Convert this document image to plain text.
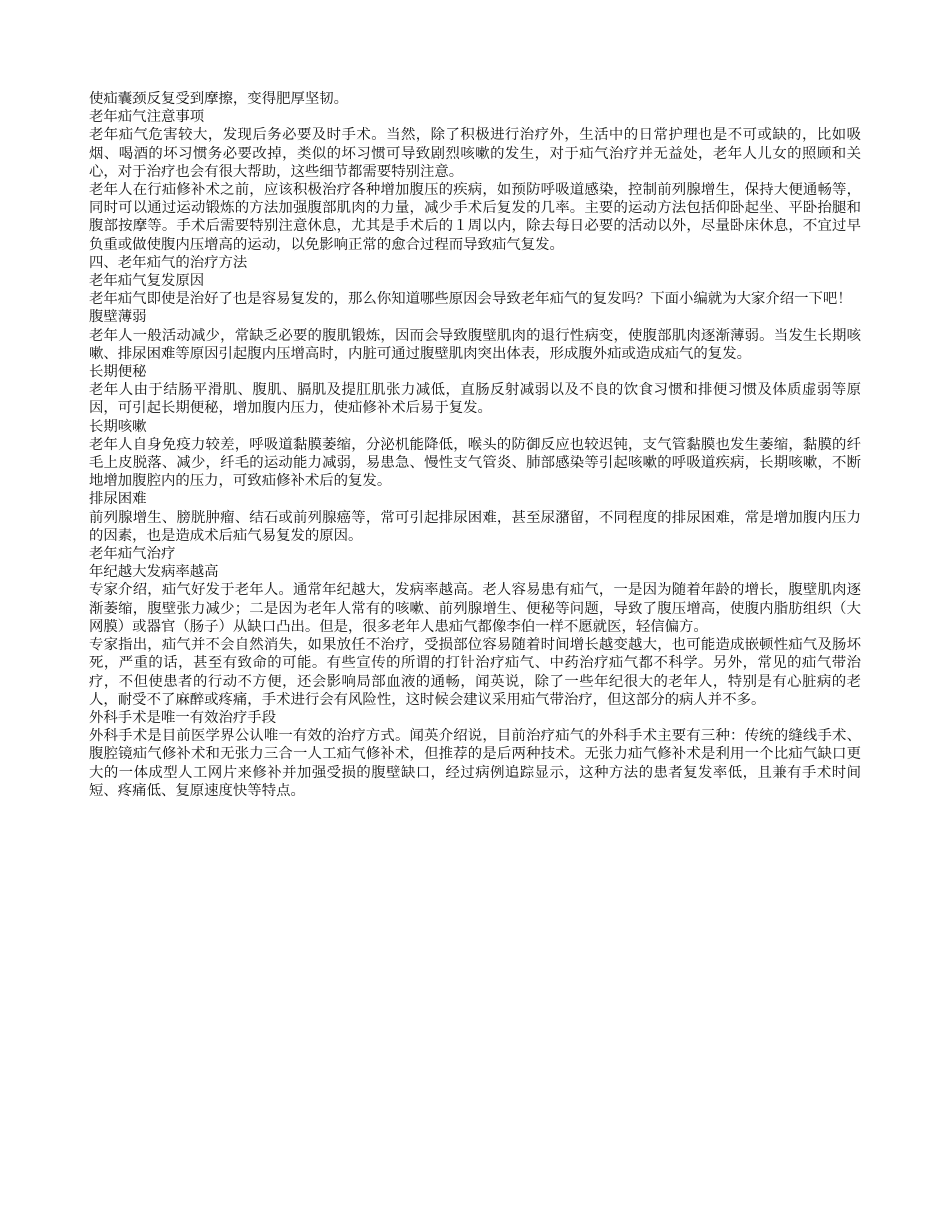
使疝囊颈反复受到摩擦，变得肥厚坚韧。

老年疝气注意事项

老年疝气危害较大，发现后务必要及时手术。当然，除了积极进行治疗外，生活中的日常护理也是不可或缺的，比如吸烟、喝酒的坏习惯务必要改掉，类似的坏习惯可导致剧烈咳嗽的发生，对于疝气治疗并无益处，老年人儿女的照顾和关心，对于治疗也会有很大帮助，这些细节都需要特别注意。

老年人在行疝修补术之前，应该积极治疗各种增加腹压的疾病，如预防呼吸道感染，控制前列腺增生，保持大便通畅等，同时可以通过运动锻炼的方法加强腹部肌肉的力量，减少手术后复发的几率。主要的运动方法包括仰卧起坐、平卧抬腿和腹部按摩等。手术后需要特别注意休息，尤其是手术后的１周以内，除去每日必要的活动以外，尽量卧床休息，不宜过早负重或做使腹内压增高的运动，以免影响正常的愈合过程而导致疝气复发。

四、老年疝气的治疗方法

老年疝气复发原因

老年疝气即使是治好了也是容易复发的，那么你知道哪些原因会导致老年疝气的复发吗？下面小编就为大家介绍一下吧！

腹壁薄弱

老年人一般活动减少，常缺乏必要的腹肌锻炼，因而会导致腹壁肌肉的退行性病变，使腹部肌肉逐渐薄弱。当发生长期咳嗽、排尿困难等原因引起腹内压增高时，内脏可通过腹壁肌肉突出体表，形成腹外疝或造成疝气的复发。

长期便秘

老年人由于结肠平滑肌、腹肌、膈肌及提肛肌张力减低，直肠反射减弱以及不良的饮食习惯和排便习惯及体质虚弱等原因，可引起长期便秘，增加腹内压力，使疝修补术后易于复发。

长期咳嗽

老年人自身免疫力较差，呼吸道黏膜萎缩，分泌机能降低，喉头的防御反应也较迟钝，支气管黏膜也发生萎缩，黏膜的纤毛上皮脱落、减少，纤毛的运动能力减弱，易患急、慢性支气管炎、肺部感染等引起咳嗽的呼吸道疾病，长期咳嗽，不断地增加腹腔内的压力，可致疝修补术后的复发。

排尿困难

前列腺增生、膀胱肿瘤、结石或前列腺癌等，常可引起排尿困难，甚至尿潴留，不同程度的排尿困难，常是增加腹内压力的因素，也是造成术后疝气易复发的原因。

老年疝气治疗

年纪越大发病率越高

专家介绍，疝气好发于老年人。通常年纪越大，发病率越高。老人容易患有疝气，一是因为随着年龄的增长，腹壁肌肉逐渐萎缩，腹壁张力减少；二是因为老年人常有的咳嗽、前列腺增生、便秘等问题，导致了腹压增高，使腹内脂肪组织（大网膜）或器官（肠子）从缺口凸出。但是，很多老年人患疝气都像李伯一样不愿就医，轻信偏方。

专家指出，疝气并不会自然消失，如果放任不治疗，受损部位容易随着时间增长越变越大，也可能造成嵌顿性疝气及肠坏死，严重的话，甚至有致命的可能。有些宣传的所谓的打针治疗疝气、中药治疗疝气都不科学。另外，常见的疝气带治疗，不但使患者的行动不方便，还会影响局部血液的通畅，闻英说，除了一些年纪很大的老年人，特别是有心脏病的老人，耐受不了麻醉或疼痛，手术进行会有风险性，这时候会建议采用疝气带治疗，但这部分的病人并不多。

外科手术是唯一有效治疗手段

外科手术是目前医学界公认唯一有效的治疗方式。闻英介绍说，目前治疗疝气的外科手术主要有三种：传统的缝线手术、腹腔镜疝气修补术和无张力三合一人工疝气修补术，但推荐的是后两种技术。无张力疝气修补术是利用一个比疝气缺口更大的一体成型人工网片来修补并加强受损的腹壁缺口，经过病例追踪显示，这种方法的患者复发率低，且兼有手术时间短、疼痛低、复原速度快等特点。
